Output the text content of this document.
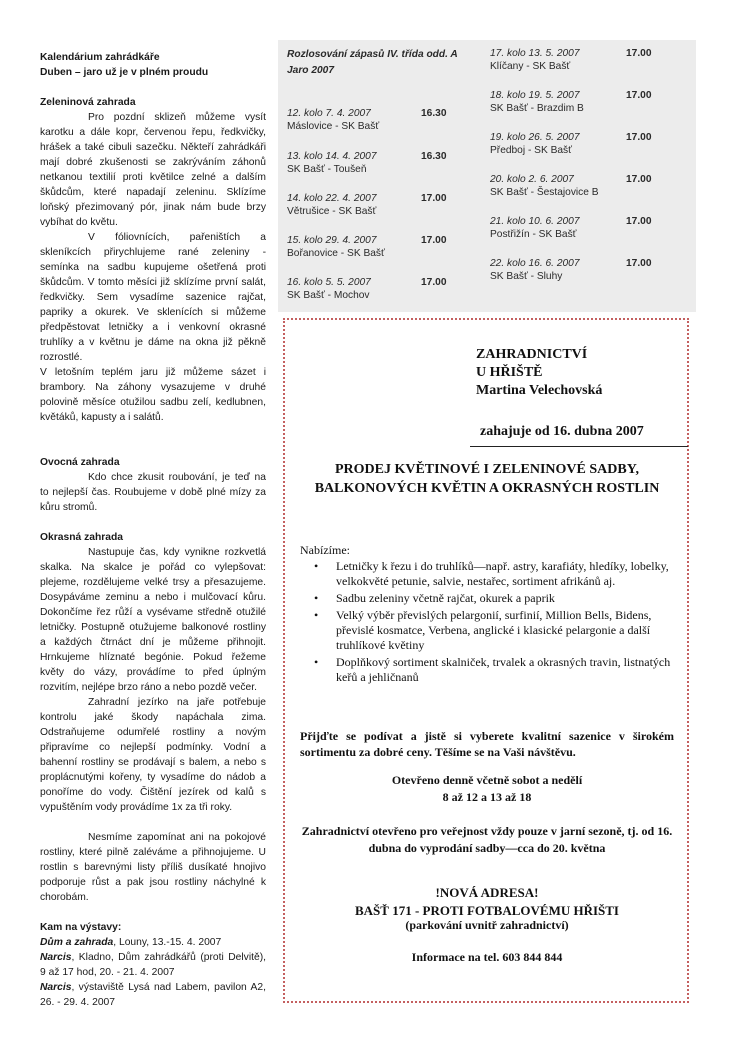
Kalendárium zahrádkáře

Duben – jaro už je v plném proudu

Zeleninová zahrada

Pro pozdní sklizeň můžeme vysít karotku a dále kopr, červenou řepu, ředkvičky, hrášek a také cibuli sazečku. Někteří zahrádkáři mají dobré zkušenosti se zakrýváním záhonů netkanou textilií proti květilce zelné a dalším škůdcům, které napadají zeleninu. Sklízíme loňský přezimovaný pór, jinak nám bude brzy vybíhat do květu.

V fóliovnících, pařeništích a skleníkcích přirychlujeme rané zeleniny - semínka na sadbu kupujeme ošetřená proti škůdcům. V tomto měsíci již sklízíme první salát, ředkvičky. Sem vysadíme sazenice rajčat, papriky a okurek. Ve sklenících si můžeme předpěstovat letničky a i venkovní okrasné truhlíky a v květnu je dáme na okna již pěkně rozrostlé.

V letošním teplém jaru již můžeme sázet i brambory. Na záhony vysazujeme v druhé polovině měsíce otužilou sadbu zelí, kedlubnen, květáků, kapusty a i salátů.

Ovocná zahrada

Kdo chce zkusit roubování, je teď na to nejlepší čas. Roubujeme v době plné mízy za kůru stromů.

Okrasná zahrada

Nastupuje čas, kdy vynikne rozkvetlá skalka. Na skalce je pořád co vylepšovat: plejeme, rozdělujeme velké trsy a přesazujeme. Dosypáváme zeminu a nebo i mulčovací kůru. Dokončíme řez růží a vysévame středně otužilé letničky. Postupně otužujeme balkonové rostliny a každých čtrnáct dní je můžeme přihnojit. Hrnkujeme hlíznaté begónie. Pokud řežeme květy do vázy, provádíme to před úplným rozvitím, nejlépe brzo ráno a nebo pozdě večer.

Zahradní jezírko na jaře potřebuje kontrolu jaké škody napáchala zima. Odstraňujeme odumřelé rostliny a novým připravíme co nejlepší podmínky. Vodní a bahenní rostliny se prodávají s balem, a nebo s proplácnutými kořeny, ty vysadíme do nádob a ponoříme do vody. Čištění jezírek od kalů s vypuštěním vody provádíme 1x za tři roky.

Nesmíme zapomínat ani na pokojové rostliny, které pilně zaléváme a přihnojujeme. U rostlin s barevnými listy příliš dusíkaté hnojivo podporuje růst a pak jsou rostliny náchylné k chorobám.

Kam na výstavy:

Dům a zahrada, Louny, 13.-15. 4. 2007

Narcis, Kladno, Dům zahrádkářů (proti Delvitě), 9 až 17 hod, 20. - 21. 4. 2007

Narcis, výstaviště Lysá nad Labem, pavilon A2, 26. - 29. 4. 2007

Rozlosování zápasů IV. třída odd. A Jaro 2007
12. kolo 7. 4. 2007	16.30
Máslovice - SK Bašť
13. kolo 14. 4. 2007	16.30
SK Bašť - Toušeň
14. kolo 22. 4. 2007	17.00
Větrušice - SK Bašť
15. kolo 29. 4. 2007	17.00
Bořanovice - SK Bašť
16. kolo 5. 5. 2007	17.00
SK Bašť - Mochov
17. kolo 13. 5. 2007	17.00
Klíčany - SK Bašť
18. kolo 19. 5. 2007	17.00
SK Bašť - Brazdim B
19. kolo 26. 5. 2007	17.00
Předboj - SK Bašť
20. kolo 2. 6. 2007	17.00
SK Bašť - Šestajovice B
21. kolo 10. 6. 2007	17.00
Postřižín - SK Bašť
22. kolo 16. 6. 2007	17.00
SK Bašť - Sluhy
ZAHRADNICTVÍ
U HŘIŠTĚ
Martina Velechovská
zahajuje od 16. dubna 2007
PRODEJ KVĚTINOVÉ I ZELENINOVÉ SADBY, BALKONOVÝCH KVĚTIN A OKRASNÝCH ROSTLIN
Nabízíme:
• Letničky k řezu i do truhlíků—např. astry, karafiáty, hledíky, lobelky, velkokvěté petunie, salvie, nestařec, sortiment afrikánů aj.
• Sadbu zeleniny včetně rajčat, okurek a paprik
• Velký výběr převislých pelargonií, surfinií, Million Bells, Bidens, převislé kosmatce, Verbena, anglické i klasické pelargonie a další truhlíkové květiny
• Doplňkový sortiment skalniček, trvalek a okrasných travin, listnatých keřů a jehličnanů
Přijďte se podívat a jistě si vyberete kvalitní sazenice v širokém sortimentu za dobré ceny. Těšíme se na Vaši návštěvu.
Otevřeno denně včetně sobot a nedělí
8 až 12 a 13 až 18
Zahradnictví otevřeno pro veřejnost vždy pouze v jarní sezoně, tj. od 16. dubna do vyprodání sadby—cca do 20. května
!NOVÁ ADRESA!
BAŠŤ 171 - PROTI FOTBALOVÉMU HŘIŠTI
(parkování uvnitř zahradnictví)
Informace na tel. 603 844 844
